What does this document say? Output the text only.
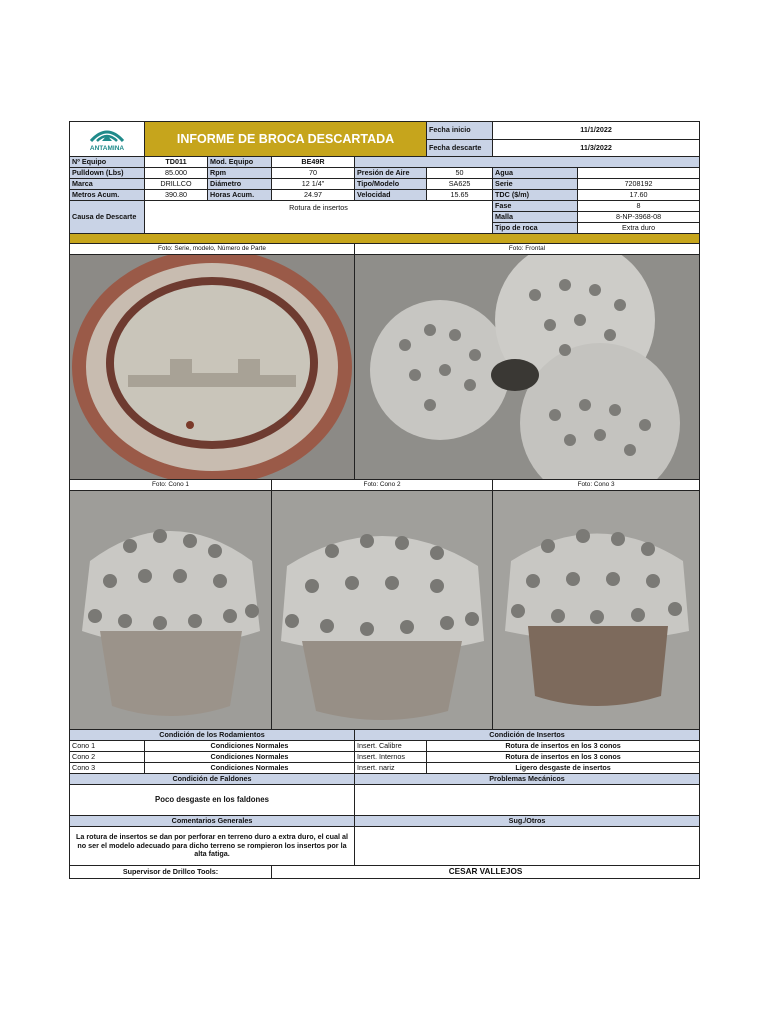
ANTAMINA	INFORME DE BROCA DESCARTADA				Fecha inicio	11/1/2022	
					Fecha descarte	11/3/2022	
Nº Equipo	TD011	Mod. Equipo	BE49R				
Pulldown (Lbs)	85.000	Rpm	70	Presión de Aire	50	Agua	
Marca	DRILLCO	Diámetro	12 1/4"	Tipo/Modelo	SA625	Serie	7208192
Metros Acum.	390.80	Horas Acum.	24.97	Velocidad	15.65	TDC ($/m)	17.60
Causa de Descarte	Rotura de insertos					Fase	8
						Malla	8-NP-3968-08
						Tipo de roca	Extra duro

Foto: Serie, modelo, Número de Parte				Foto: Frontal			

Foto: Cono 1			Foto: Cono 2			Foto: Cono 3	

Condición de los Rodamientos				Condición de Insertos			
Cono 1	Condiciones Normales			Insert. Calibre	Rotura de insertos en los 3 conos		
Cono 2	Condiciones Normales			Insert. Internos	Rotura de insertos en los 3 conos		
Cono 3	Condiciones Normales			Insert. nariz	Ligero desgaste de insertos		
Condición de Faldones				Problemas Mecánicos			
Poco desgaste en los faldones							
Comentarios Generales				Sug./Otros			
La rotura de insertos se dan por perforar en terreno duro a extra duro, el cual al no ser el modelo adecuado para dicho terreno se rompieron los insertos por la alta fatiga.							
Supervisor de Drillco Tools:			CESAR VALLEJOS				
